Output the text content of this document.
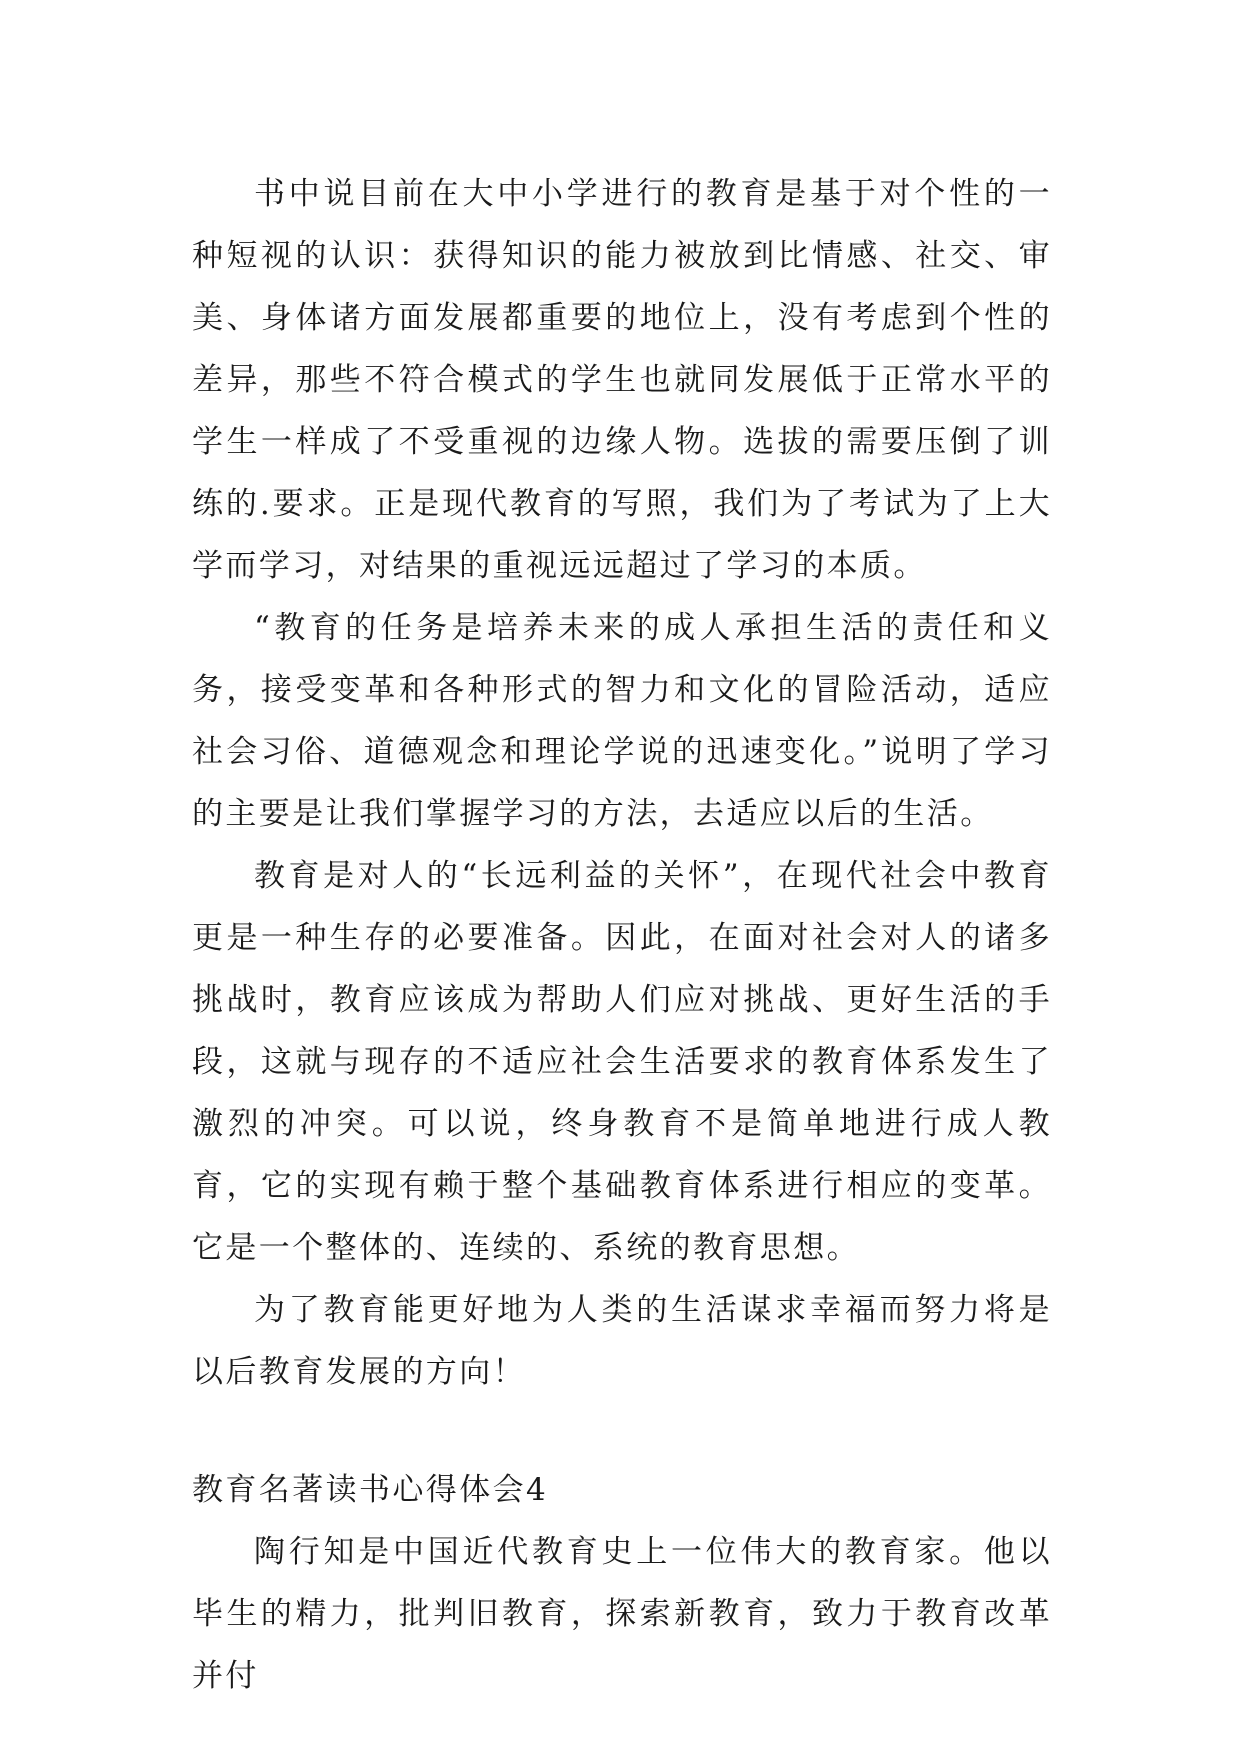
书中说目前在大中小学进行的教育是基于对个性的一种短视的认识：获得知识的能力被放到比情感、社交、审美、身体诸方面发展都重要的地位上，没有考虑到个性的差异，那些不符合模式的学生也就同发展低于正常水平的学生一样成了不受重视的边缘人物。选拔的需要压倒了训练的.要求。正是现代教育的写照，我们为了考试为了上大学而学习，对结果的重视远远超过了学习的本质。

“教育的任务是培养未来的成人承担生活的责任和义务，接受变革和各种形式的智力和文化的冒险活动，适应社会习俗、道德观念和理论学说的迅速变化。”说明了学习的主要是让我们掌握学习的方法，去适应以后的生活。

教育是对人的“长远利益的关怀”，在现代社会中教育更是一种生存的必要准备。因此，在面对社会对人的诸多挑战时，教育应该成为帮助人们应对挑战、更好生活的手段，这就与现存的不适应社会生活要求的教育体系发生了激烈的冲突。可以说，终身教育不是简单地进行成人教育，它的实现有赖于整个基础教育体系进行相应的变革。它是一个整体的、连续的、系统的教育思想。

为了教育能更好地为人类的生活谋求幸福而努力将是以后教育发展的方向！

教育名著读书心得体会4

陶行知是中国近代教育史上一位伟大的教育家。他以毕生的精力，批判旧教育，探索新教育，致力于教育改革并付
